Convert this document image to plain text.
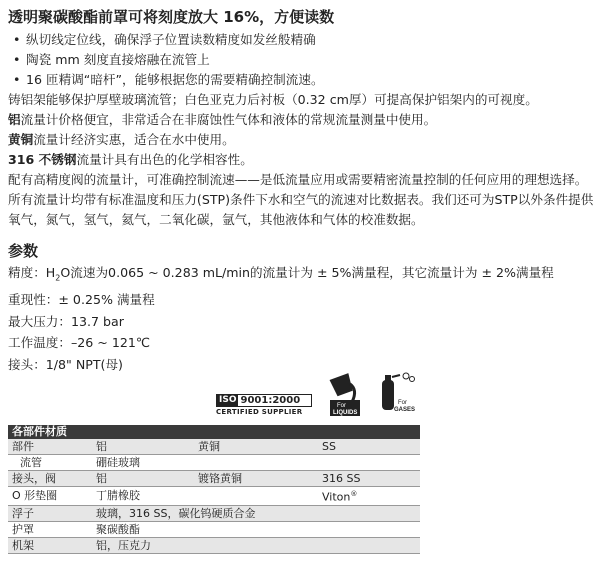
透明聚碳酸酯前罩可将刻度放大 16%，方便读数
• 纵切线定位线，确保浮子位置读数精度如发丝般精确
• 陶瓷 mm 刻度直接熔融在流管上
• 16 匝精调“暗杆”，能够根据您的需要精确控制流速。
铸铝架能够保护厚壁玻璃流管；白色亚克力后衬板（0.32 cm厚）可提高保护铝架内的可视度。
铝流量计价格便宜，非常适合在非腐蚀性气体和液体的常规流量测量中使用。
黄铜流量计经济实惠，适合在水中使用。
316 不锈钢流量计具有出色的化学相容性。
配有高精度阀的流量计，可准确控制流速——是低流量应用或需要精密流量控制的任何应用的理想选择。所有流量计均带有标准温度和压力(STP)条件下水和空气的流速对比数据表。我们还可为STP以外条件提供氧气，氮气，氢气，氦气，二氧化碳，氩气，其他液体和气体的校准数据。
参数
精度：$H_2O$流速为0.065 ~ 0.283 mL/min的流量计为 ± 5%满量程，其它流量计为 ± 2%满量程
重现性：± 0.25% 满量程
最大压力：13.7 bar
工作温度：–26 ~ 121℃
接头：1/8" NPT(母)
ISO 9001:2000
CERTIFIED SUPPLIER
For
LIQUIDS
For
GASES
各部件材质			
部件	铝	黄铜	SS
流管	硼硅玻璃		
接头，阀	铝	镀铬黄铜	316 SS
O 形垫圈	丁腈橡胶		Viton®
浮子	玻璃，316 SS，碳化钨硬质合金		
护罩	聚碳酸酯		
机架	铝，压克力		
